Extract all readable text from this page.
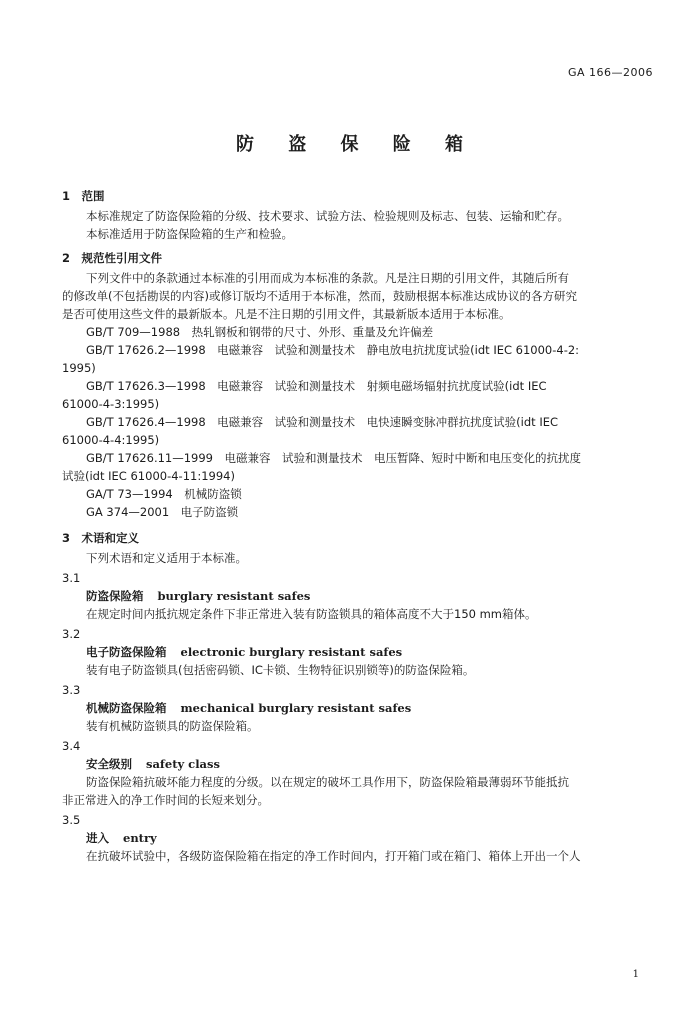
GA 166—2006
防 盗 保 险 箱
1　范围
本标准规定了防盗保险箱的分级、技术要求、试验方法、检验规则及标志、包装、运输和贮存。
本标准适用于防盗保险箱的生产和检验。
2　规范性引用文件
下列文件中的条款通过本标准的引用而成为本标准的条款。凡是注日期的引用文件，其随后所有
的修改单(不包括勘误的内容)或修订版均不适用于本标准，然而，鼓励根据本标准达成协议的各方研究
是否可使用这些文件的最新版本。凡是不注日期的引用文件，其最新版本适用于本标准。
GB/T 709—1988　热轧钢板和钢带的尺寸、外形、重量及允许偏差
GB/T 17626.2—1998　电磁兼容　试验和测量技术　静电放电抗扰度试验(idt IEC 61000-4-2:
1995)
GB/T 17626.3—1998　电磁兼容　试验和测量技术　射频电磁场辐射抗扰度试验(idt IEC
61000-4-3:1995)
GB/T 17626.4—1998　电磁兼容　试验和测量技术　电快速瞬变脉冲群抗扰度试验(idt IEC
61000-4-4:1995)
GB/T 17626.11—1999　电磁兼容　试验和测量技术　电压暂降、短时中断和电压变化的抗扰度
试验(idt IEC 61000-4-11:1994)
GA/T 73—1994　机械防盗锁
GA 374—2001　电子防盗锁
3　术语和定义
下列术语和定义适用于本标准。
3.1
防盗保险箱 burglary resistant safes
在规定时间内抵抗规定条件下非正常进入装有防盗锁具的箱体高度不大于150 mm箱体。
3.2
电子防盗保险箱 electronic burglary resistant safes
装有电子防盗锁具(包括密码锁、IC卡锁、生物特征识别锁等)的防盗保险箱。
3.3
机械防盗保险箱 mechanical burglary resistant safes
装有机械防盗锁具的防盗保险箱。
3.4
安全级别 safety class
防盗保险箱抗破坏能力程度的分级。以在规定的破坏工具作用下，防盗保险箱最薄弱环节能抵抗
非正常进入的净工作时间的长短来划分。
3.5
进入 entry
在抗破坏试验中，各级防盗保险箱在指定的净工作时间内，打开箱门或在箱门、箱体上开出一个人
1
